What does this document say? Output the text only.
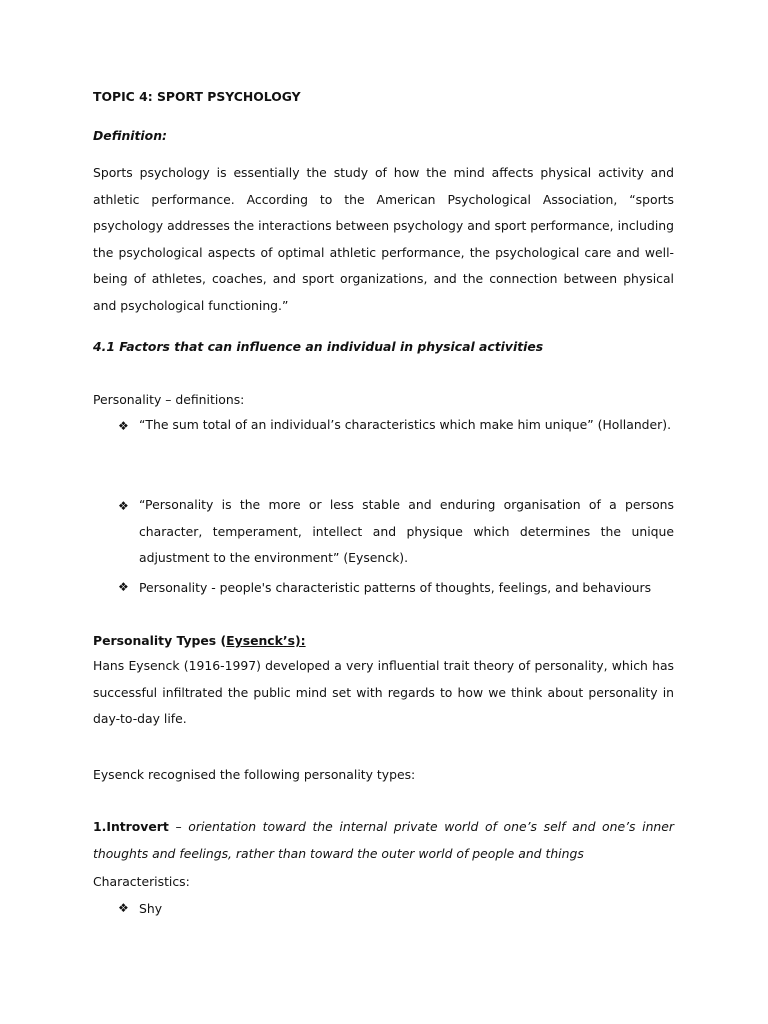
TOPIC 4: SPORT PSYCHOLOGY

Definition:

Sports psychology is essentially the study of how the mind affects physical activity and athletic performance. According to the American Psychological Association, “sports psychology addresses the interactions between psychology and sport performance, including the psychological aspects of optimal athletic performance, the psychological care and well-being of athletes, coaches, and sport organizations, and the connection between physical and psychological functioning.”

4.1 Factors that can influence an individual in physical activities

Personality – definitions:

❖ “The sum total of an individual’s characteristics which make him unique” (Hollander).

❖ “Personality is the more or less stable and enduring organisation of a persons character, temperament, intellect and physique which determines the unique adjustment to the environment” (Eysenck).

❖ Personality - people's characteristic patterns of thoughts, feelings, and behaviours

Personality Types (Eysenck’s):

Hans Eysenck (1916-1997) developed a very influential trait theory of personality, which has successful infiltrated the public mind set with regards to how we think about personality in day-to-day life.

Eysenck recognised the following personality types:

1.Introvert – orientation toward the internal private world of one’s self and one’s inner thoughts and feelings, rather than toward the outer world of people and things

Characteristics:

❖ Shy
